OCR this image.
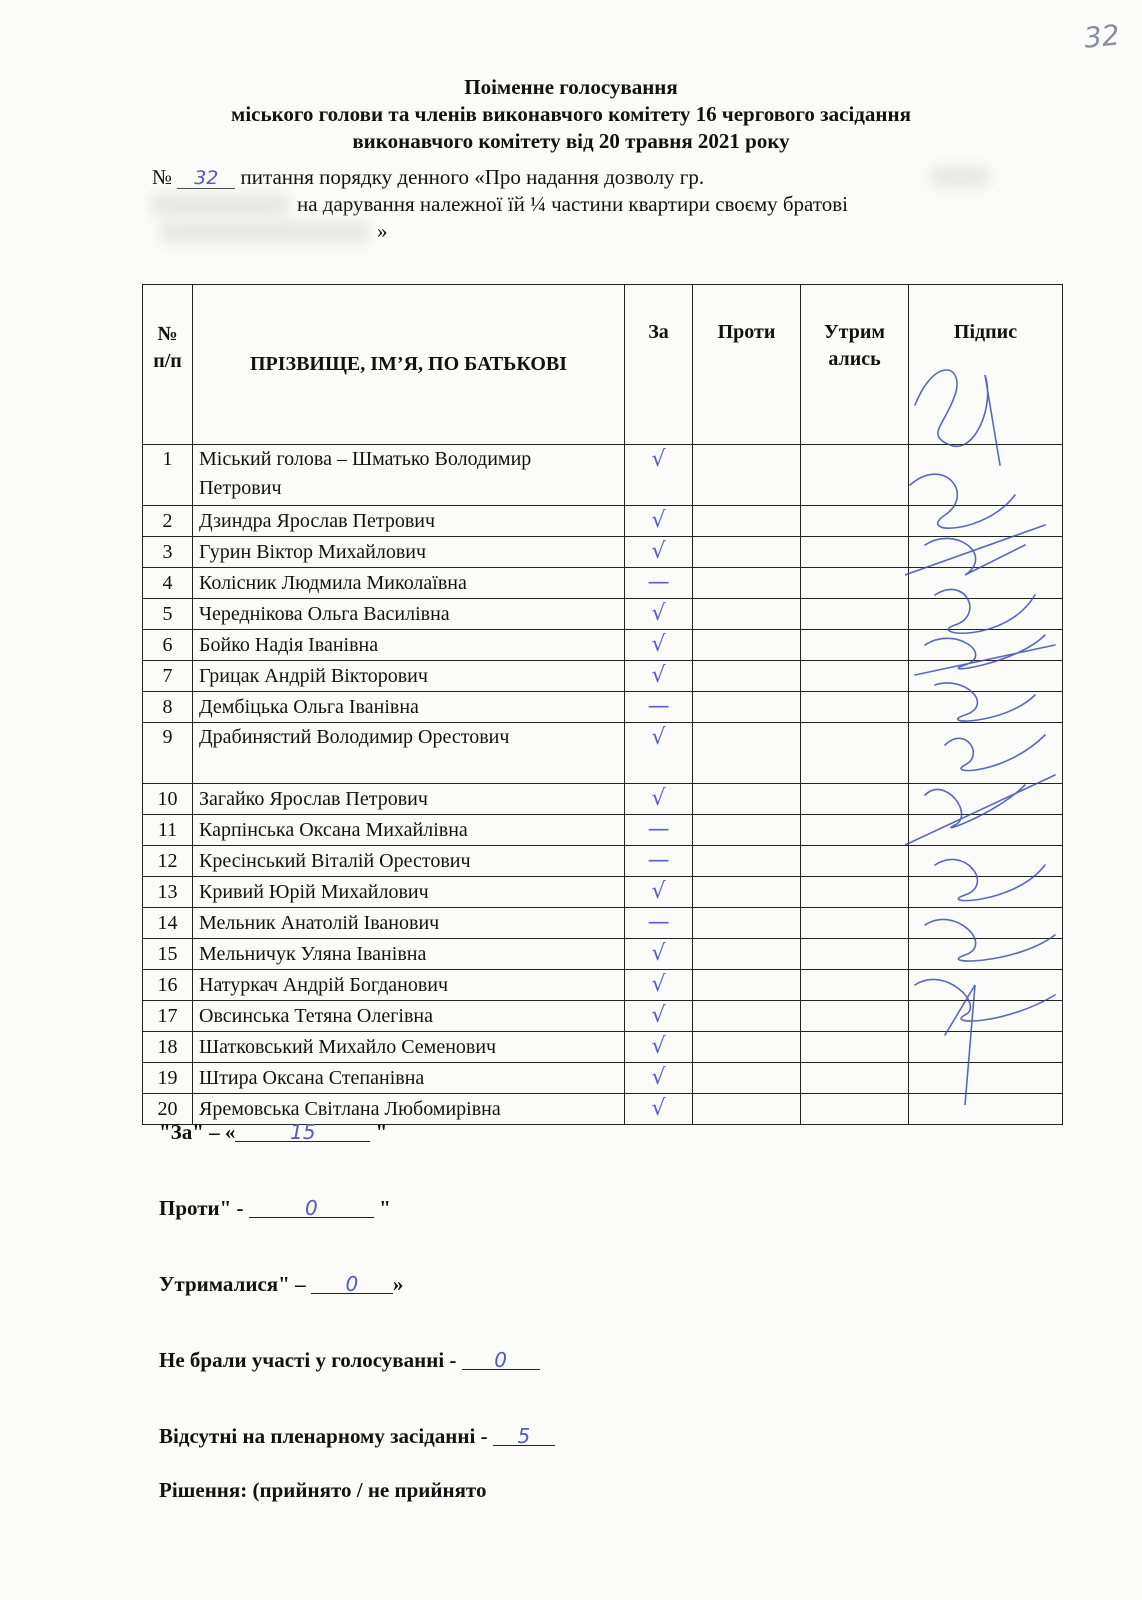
32
Поіменне голосування
міського голови та членів виконавчого комітету 16 чергового засідання
виконавчого комітету від 20 травня 2021 року
№ 32 питання порядку денного «Про надання дозволу гр.
на дарування належної їй ¼ частини квартири своєму братові
»
№ п/п	ПРІЗВИЩЕ, ІМ’Я, ПО БАТЬКОВІ	За	Проти	Утрим ались	Підпис
1	Міський голова – Шматько Володимир Петрович	√			
2	Дзиндра Ярослав Петрович	√			
3	Гурин Віктор Михайлович	√			
4	Колісник Людмила Миколаївна	—			
5	Череднікова Ольга Василівна	√			
6	Бойко Надія Іванівна	√			
7	Грицак Андрій Вікторович	√			
8	Дембіцька Ольга Іванівна	—			
9	Драбинястий Володимир Орестович	√			
10	Загайко Ярослав Петрович	√			
11	Карпінська Оксана Михайлівна	—			
12	Кресінський Віталій Орестович	—			
13	Кривий Юрій Михайлович	√			
14	Мельник Анатолій Іванович	—			
15	Мельничук Уляна Іванівна	√			
16	Натуркач Андрій Богданович	√			
17	Овсинська Тетяна Олегівна	√			
18	Шатковський Михайло Семенович	√			
19	Штира Оксана Степанівна	√			
20	Яремовська Світлана Любомирівна	√			
"За" – «	15	"
Проти" -	0	"
Утрималися" – 0 »
Не брали участі у голосуванні - 0
Відсутні на пленарному засіданні - 5
Рішення: (прийнято / не прийнято
